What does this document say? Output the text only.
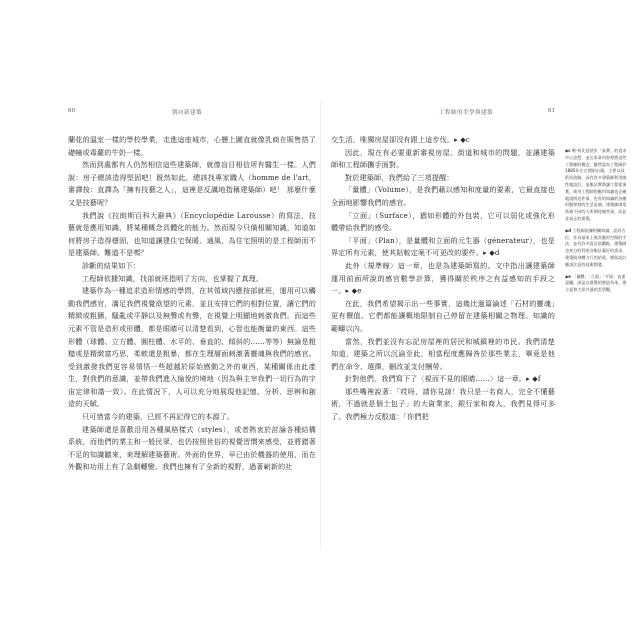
60	朝向新建築

蘭花的溫室一樣的學校學業，走進這座城市，心懸上圖直就像乳商在販售搭了礎幢或毒蘿的牛奶一樣。

然而到處都有人仍然相信這些建築師，就像盲目相信所有醫生一樣。人們說：房子總該造得堅固吧！既然如此，總該找專家職人（homme de l'art，審譯按：直譯為「擁有技藝之人」，這裡是反諷地指稱建築師）吧！ 那麼什麼又是技藝呢？

我們說《拉朗斯百科大辭典》（Encyclopédie Larousse）的寫法，技藝就是應用知識，將某種概念具體化的能力。然而現今只備相關知識，知道如何將房子造得穩固，也知道讓建住宅保暖、通風，為住宅照明的是工程師而不是建築師。難道不是嗎？

診斷的結果如下：

工程師依據知識，找部就班指明了方向，也掌握了真理。

建築作為一種追求造形情感的學問，在其領域內應按部就班，運用可以觸動我們感官，滿足我們視覺欲望的元素，並且安排它們的相對位置，讓它們的精緻或粗獷，騷亂或平靜以及無聲或有聲，在視覺上明顯地刺激我們。而這些元素不管是造形或形體，都是眼睛可以清楚看到，心智也能衡量的東西。這些形體（球體、立方體、圓柱體、水平的、垂直的、傾斜的……等等）無論是粗糙或是精緻富巧思，柔軟還是粗暴，都在生理層面刺激著靈魂與我們的感官。受到激發我們更容易領悟一些超越於原始感動之外的東西，某種關係由此產生，對我們的意識，並帶我們進入愉悅的境地（因為與主宰我們一切行為的宇宙定律和諧一致）。在此情況下，人可以充分地展現他記憶、分析、思辨和創造的天賦。

只可惜當今的建築，已經不再記得它的本源了。

建築師還是喜歡沿用各種風格樣式（styles），或者熱衷於討論各種結構系統，而他們的業主和一般民眾，也仍按照世俗的視覺習慣來感受，並將錯著不足的知識聽來，來理解建築藝術。外面的世界，早已由於機器的使用，而在外觀和功用上有了急劇轉變。我們也擁有了全新的視野，過著嶄新的社

工程師的美學與建築	61

交生活，唯獨房屋卻沒有跟上這步伐。▸ ◆c

因此，現在有必要重新審視房屋、街道和城市的問題，並讓建築師和工程師攜手面對。

對於建築師，我們給了三項提醒：

「量體」（Volume），是我們藉以感知和度量的要素，它最直接也全面地影響我們的感官。

「立面」（Surface），猶如形體的外包裝，它可以弱化或強化形體帶給我們的感受。

「平面」（Plan），是量體和立面的元生器（génerateur），也是界定所有元素，使其貼較定案不可更改的要件。▸ ◆d

此外〈規準線〉這一章，也是為建築師寫的。文中指出讓建築師運用前面所說的感官數學計算，獲得關於秩序之有益感知的手段之一。▸ ◆e

在此，我們希望揭示出一些事實，這幾比過篇論述「石材的靈魂」更有價值。它們都能讓概地限制自己停留在建築相關之物理、知識的範疇以內。

當然，我們並沒有忘記房屋裡的居民和城鎮裡的市民。我們清楚知道，建築之所以沉淪至此，相當程度應歸咎於那些業主，畢竟是他們在命令、選擇，刪改並支付酬勞。

針對他們，我們寫下了〈視而不見的眼睛……〉這一章。▸ ◆f

那些嘴裡說著：「哎呀，請你見諒！我只是一名商人，完全不懂藝術，不過就是個土包子」的大資業家，銀行家和商人，我們見得可多了。我們極力反駁道：「你們把

◆c 勒·柯比意甚於「真實」的追求中心思想，並在本章內容裡將這些工程師的概念，雖然認為工程師於1885年左右開始出頭，主要以技術為依歸，而有許多建築師利用感性地設計，並無法實際讓工程從事實，使用工程師的應用知識也正確地說明這件事，也有的知識的各種形態和營的生活步調，建築師則常常被不同的人所期待做些事，而並非真正的建築。
◆d 工程師依據相關知識，認為方位，作為基本上與其應用空間的手法，並有許多設計依觀點，建築師也充分的利用各類計畫好的需求，建築與身體力行的結果，開始設計應該注意的技術開發。
◆e 「量體」「立面」「平面」表達意圖，該是以建築的營造為本，建立起和大眾共通的美學觀，
